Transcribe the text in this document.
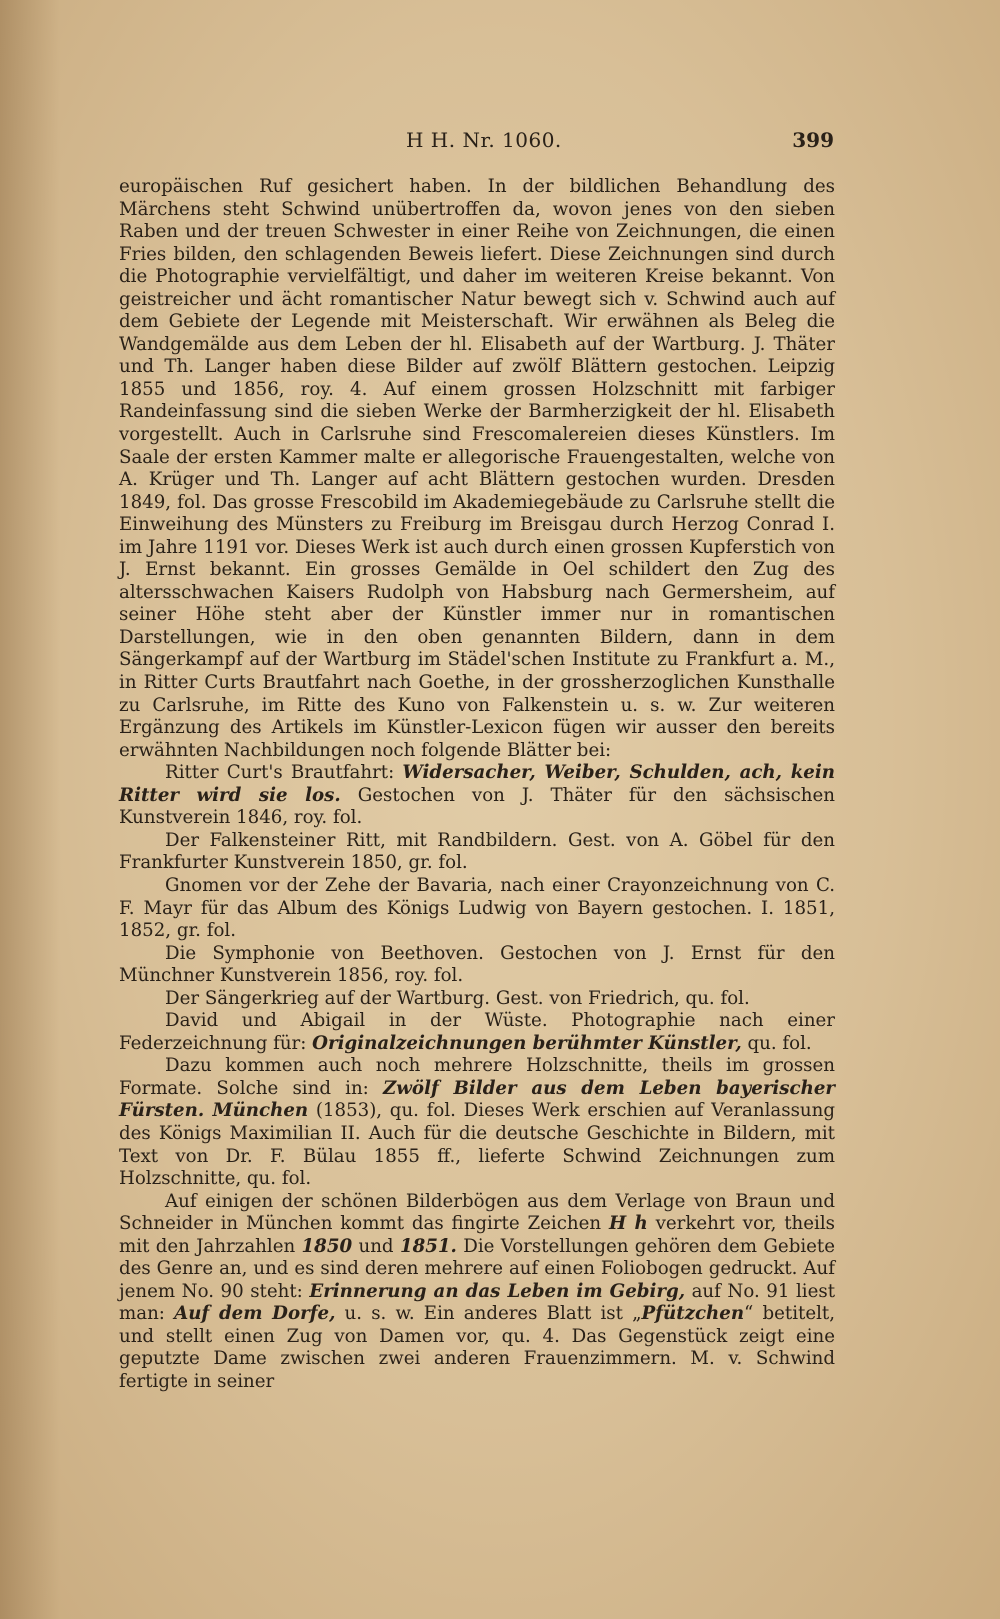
H H. Nr. 1060.	399

europäischen Ruf gesichert haben. In der bildlichen Behandlung des Märchens steht Schwind unübertroffen da, wovon jenes von den sieben Raben und der treuen Schwester in einer Reihe von Zeichnungen, die einen Fries bilden, den schlagenden Beweis liefert. Diese Zeichnungen sind durch die Photographie vervielfältigt, und daher im weiteren Kreise bekannt. Von geistreicher und ächt romantischer Natur bewegt sich v. Schwind auch auf dem Gebiete der Legende mit Meisterschaft. Wir erwähnen als Beleg die Wandgemälde aus dem Leben der hl. Elisabeth auf der Wartburg. J. Thäter und Th. Langer haben diese Bilder auf zwölf Blättern gestochen. Leipzig 1855 und 1856, roy. 4. Auf einem grossen Holzschnitt mit farbiger Randeinfassung sind die sieben Werke der Barmherzigkeit der hl. Elisabeth vorgestellt. Auch in Carlsruhe sind Frescomalereien dieses Künstlers. Im Saale der ersten Kammer malte er allegorische Frauengestalten, welche von A. Krüger und Th. Langer auf acht Blättern gestochen wurden. Dresden 1849, fol. Das grosse Frescobild im Akademiegebäude zu Carlsruhe stellt die Einweihung des Münsters zu Freiburg im Breisgau durch Herzog Conrad I. im Jahre 1191 vor. Dieses Werk ist auch durch einen grossen Kupferstich von J. Ernst bekannt. Ein grosses Gemälde in Oel schildert den Zug des altersschwachen Kaisers Rudolph von Habsburg nach Germersheim, auf seiner Höhe steht aber der Künstler immer nur in romantischen Darstellungen, wie in den oben genannten Bildern, dann in dem Sängerkampf auf der Wartburg im Städel'schen Institute zu Frankfurt a. M., in Ritter Curts Brautfahrt nach Goethe, in der grossherzoglichen Kunsthalle zu Carlsruhe, im Ritte des Kuno von Falkenstein u. s. w. Zur weiteren Ergänzung des Artikels im Künstler-Lexicon fügen wir ausser den bereits erwähnten Nachbildungen noch folgende Blätter bei:

Ritter Curt's Brautfahrt: Widersacher, Weiber, Schulden, ach, kein Ritter wird sie los. Gestochen von J. Thäter für den sächsischen Kunstverein 1846, roy. fol.

Der Falkensteiner Ritt, mit Randbildern. Gest. von A. Göbel für den Frankfurter Kunstverein 1850, gr. fol.

Gnomen vor der Zehe der Bavaria, nach einer Crayonzeichnung von C. F. Mayr für das Album des Königs Ludwig von Bayern gestochen. I. 1851, 1852, gr. fol.

Die Symphonie von Beethoven. Gestochen von J. Ernst für den Münchner Kunstverein 1856, roy. fol.

Der Sängerkrieg auf der Wartburg. Gest. von Friedrich, qu. fol.

David und Abigail in der Wüste. Photographie nach einer Federzeichnung für: Originalzeichnungen berühmter Künstler, qu. fol.

Dazu kommen auch noch mehrere Holzschnitte, theils im grossen Formate. Solche sind in: Zwölf Bilder aus dem Leben bayerischer Fürsten. München (1853), qu. fol. Dieses Werk erschien auf Veranlassung des Königs Maximilian II. Auch für die deutsche Geschichte in Bildern, mit Text von Dr. F. Bülau 1855 ff., lieferte Schwind Zeichnungen zum Holzschnitte, qu. fol.

Auf einigen der schönen Bilderbögen aus dem Verlage von Braun und Schneider in München kommt das fingirte Zeichen H h verkehrt vor, theils mit den Jahrzahlen 1850 und 1851. Die Vorstellungen gehören dem Gebiete des Genre an, und es sind deren mehrere auf einen Foliobogen gedruckt. Auf jenem No. 90 steht: Erinnerung an das Leben im Gebirg, auf No. 91 liest man: Auf dem Dorfe, u. s. w. Ein anderes Blatt ist „Pfützchen“ betitelt, und stellt einen Zug von Damen vor, qu. 4. Das Gegenstück zeigt eine geputzte Dame zwischen zwei anderen Frauenzimmern. M. v. Schwind fertigte in seiner
